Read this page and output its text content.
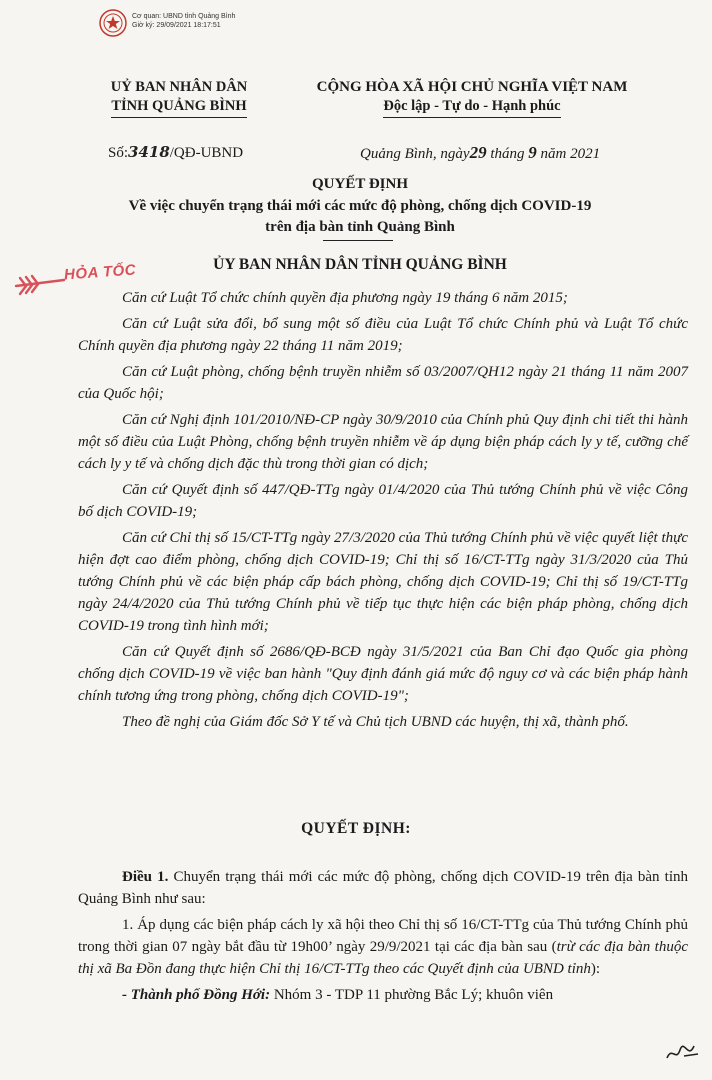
Cơ quan: UBND tỉnh Quảng Bình
Giờ ký: 29/09/2021 18:17:51
UỶ BAN NHÂN DÂN
TỈNH QUẢNG BÌNH
CỘNG HÒA XÃ HỘI CHỦ NGHĨA VIỆT NAM
Độc lập - Tự do - Hạnh phúc
Số:3418/QĐ-UBND	Quảng Bình, ngày29 tháng 9 năm 2021
QUYẾT ĐỊNH
Về việc chuyển trạng thái mới các mức độ phòng, chống dịch COVID-19
trên địa bàn tỉnh Quảng Bình
ỦY BAN NHÂN DÂN TỈNH QUẢNG BÌNH
HỎA TỐC

Căn cứ Luật Tổ chức chính quyền địa phương ngày 19 tháng 6 năm 2015;

Căn cứ Luật sửa đổi, bổ sung một số điều của Luật Tổ chức Chính phủ và Luật Tổ chức Chính quyền địa phương ngày 22 tháng 11 năm 2019;

Căn cứ Luật phòng, chống bệnh truyền nhiễm số 03/2007/QH12 ngày 21 tháng 11 năm 2007 của Quốc hội;

Căn cứ Nghị định 101/2010/NĐ-CP ngày 30/9/2010 của Chính phủ Quy định chi tiết thi hành một số điều của Luật Phòng, chống bệnh truyền nhiễm về áp dụng biện pháp cách ly y tế, cưỡng chế cách ly y tế và chống dịch đặc thù trong thời gian có dịch;

Căn cứ Quyết định số 447/QĐ-TTg ngày 01/4/2020 của Thủ tướng Chính phủ về việc Công bố dịch COVID-19;

Căn cứ Chỉ thị số 15/CT-TTg ngày 27/3/2020 của Thủ tướng Chính phủ về việc quyết liệt thực hiện đợt cao điểm phòng, chống dịch COVID-19; Chỉ thị số 16/CT-TTg ngày 31/3/2020 của Thủ tướng Chính phủ về các biện pháp cấp bách phòng, chống dịch COVID-19; Chỉ thị số 19/CT-TTg ngày 24/4/2020 của Thủ tướng Chính phủ về tiếp tục thực hiện các biện pháp phòng, chống dịch COVID-19 trong tình hình mới;

Căn cứ Quyết định số 2686/QĐ-BCĐ ngày 31/5/2021 của Ban Chỉ đạo Quốc gia phòng chống dịch COVID-19 về việc ban hành "Quy định đánh giá mức độ nguy cơ và các biện pháp hành chính tương ứng trong phòng, chống dịch COVID-19";

Theo đề nghị của Giám đốc Sở Y tế và Chủ tịch UBND các huyện, thị xã, thành phố.

QUYẾT ĐỊNH:

Điều 1. Chuyển trạng thái mới các mức độ phòng, chống dịch COVID-19 trên địa bàn tỉnh Quảng Bình như sau:

1. Áp dụng các biện pháp cách ly xã hội theo Chỉ thị số 16/CT-TTg của Thủ tướng Chính phủ trong thời gian 07 ngày bắt đầu từ 19h00’ ngày 29/9/2021 tại các địa bàn sau (trừ các địa bàn thuộc thị xã Ba Đồn đang thực hiện Chỉ thị 16/CT-TTg theo các Quyết định của UBND tỉnh):

- Thành phố Đồng Hới: Nhóm 3 - TDP 11 phường Bắc Lý; khuôn viên
